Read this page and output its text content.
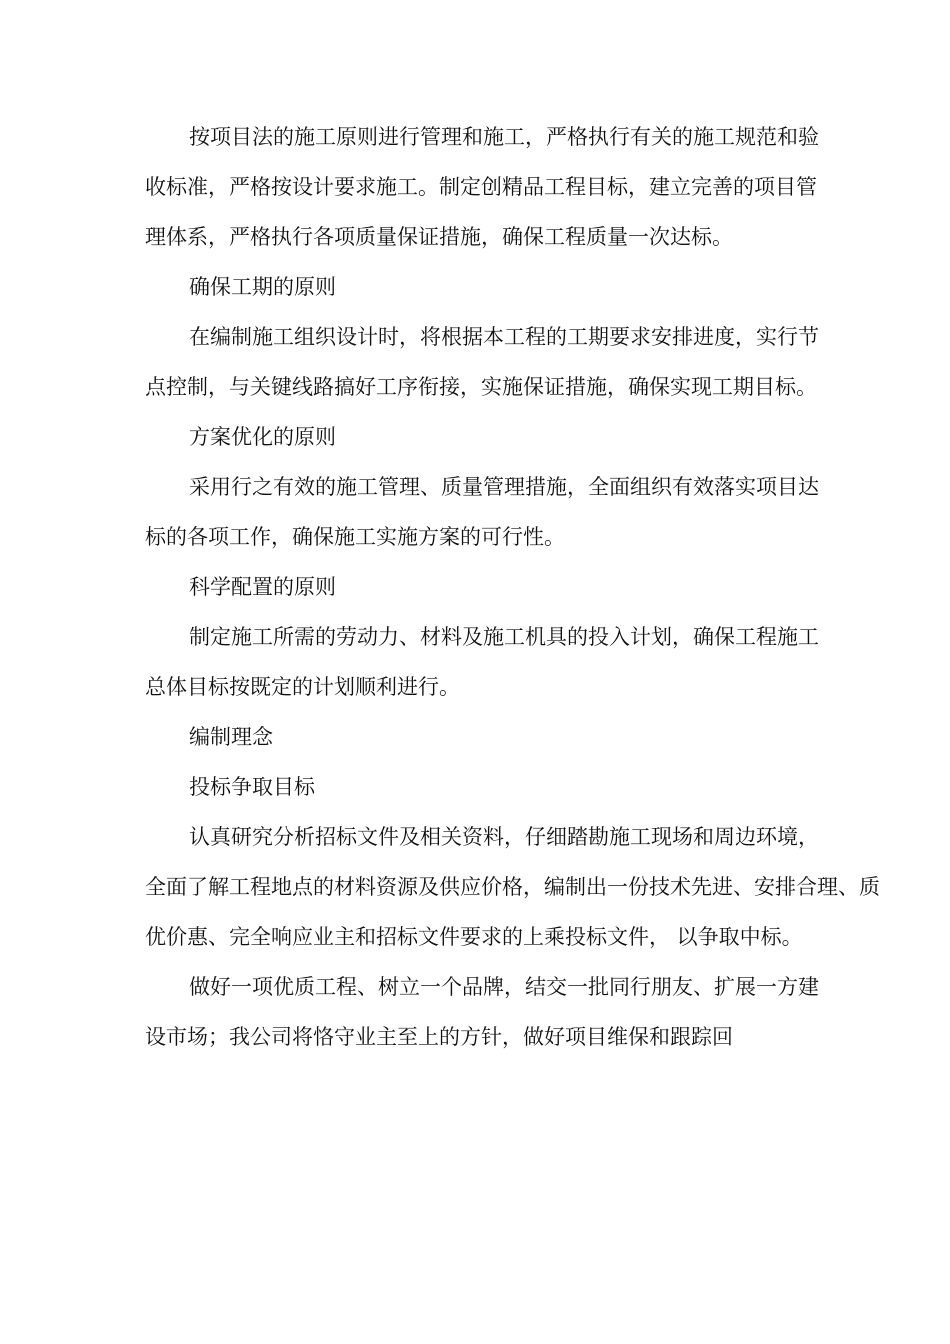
按项目法的施工原则进行管理和施工，严格执行有关的施工规范和验
收标准，严格按设计要求施工。制定创精品工程目标，建立完善的项目管
理体系，严格执行各项质量保证措施，确保工程质量一次达标。
确保工期的原则
在编制施工组织设计时，将根据本工程的工期要求安排进度，实行节
点控制，与关键线路搞好工序衔接，实施保证措施，确保实现工期目标。
方案优化的原则
采用行之有效的施工管理、质量管理措施，全面组织有效落实项目达
标的各项工作，确保施工实施方案的可行性。
科学配置的原则
制定施工所需的劳动力、材料及施工机具的投入计划，确保工程施工
总体目标按既定的计划顺利进行。
编制理念
投标争取目标
认真研究分析招标文件及相关资料，仔细踏勘施工现场和周边环境，
全面了解工程地点的材料资源及供应价格，编制出一份技术先进、安排合理、质
优价惠、完全响应业主和招标文件要求的上乘投标文件， 以争取中标。
做好一项优质工程、树立一个品牌，结交一批同行朋友、扩展一方建
设市场；我公司将恪守业主至上的方针，做好项目维保和跟踪回
